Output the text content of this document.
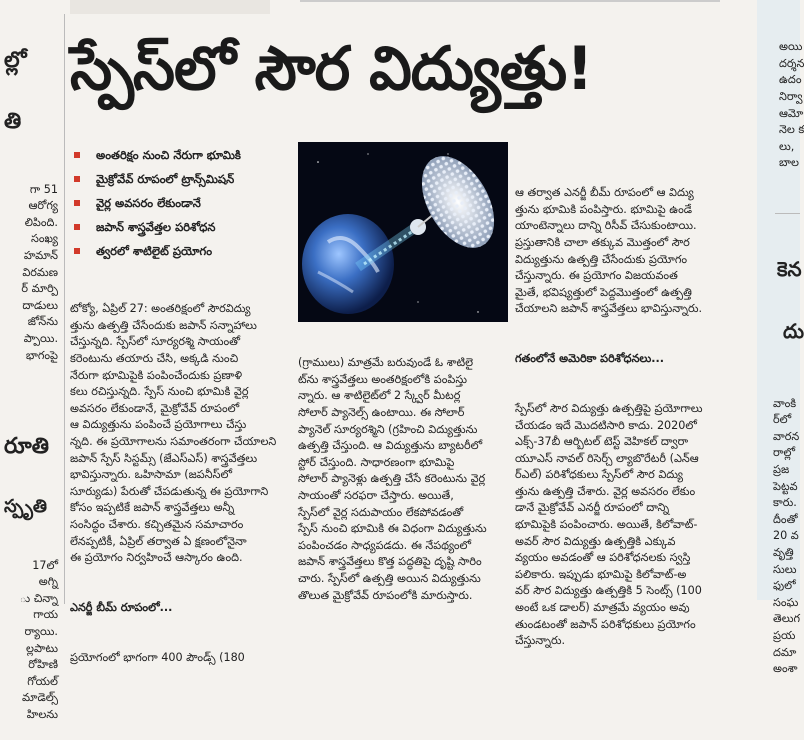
ల్లో

తి

గా 51
ఆరోగ్య
లిపింది.
సంఖ్య
హమాన్
విరమణ
ర్ మార్పి
దాడులు
జోన్‌ను
ప్పాయి.
భాగంపై

రూతి

స్పృతి

17లో
అగ్ని
ు చిన్నా
గాయ
ర్యాయి.
ల్లపాటు
రోహిణి
గోయల్
మాడెల్స్
హిలను

స్పేస్‌లో సౌర విద్యుత్తు!
అంతరిక్షం నుంచి నేరుగా భూమికి
మైక్రోవేవ్ రూపంలో ట్రాన్స్‌మిషన్
వైర్ల అవసరం లేకుండానే
జపాన్ శాస్త్రవేత్తల పరిశోధన
త్వరలో శాటిలైట్ ప్రయోగం

టోక్యో, ఏప్రిల్ 27: అంతరిక్షంలో సౌరవిద్యు
త్తును ఉత్పత్తి చేసేందుకు జపాన్ సన్నాహాలు
చేస్తున్నది. స్పేస్‌లో సూర్యరశ్మి సాయంతో
కరెంటును తయారు చేసి, అక్కడి నుంచి
నేరుగా భూమిపైకి పంపించేందుకు ప్రణాళి
కలు రచిస్తున్నది. స్పేస్ నుంచి భూమికి వైర్ల
అవసరం లేకుండానే, మైక్రోవేవ్ రూపంలో
ఆ విద్యుత్తును పంపించే ప్రయోగాలు చేస్తు
న్నది. ఈ ప్రయోగాలను సమాంతరంగా చేయాలని
జపాన్ స్పేస్ సిస్టమ్స్ (జేఎస్‌ఎస్) శాస్త్రవేత్తలు
భావిస్తున్నారు. ఒహిసామా (జపనీస్‌లో
సూర్యుడు) పేరుతో చేపడుతున్న ఈ ప్రయోగాని
కోసం ఇప్పటికే జపాన్ శాస్త్రవేత్తలు అన్నీ
సంసిద్ధం చేశారు. కచ్చితమైన సమాచారం
లేనప్పటికీ, ఏప్రిల్ తర్వాత ఏ క్షణంలోనైనా
ఈ ప్రయోగం నిర్వహించే ఆస్కారం ఉంది.

ఎనర్జీ బీమ్ రూపంలో...

ప్రయోగంలో భాగంగా 400 పౌండ్స్ (180

(గ్రాములు) మాత్రమే బరువుండే ఓ శాటిలై
ట్‌ను శాస్త్రవేత్తలు అంతరిక్షంలోకి పంపిస్తు
న్నారు. ఆ శాటిలైట్‌లో 2 స్క్వేర్ మీటర్ల
సోలార్ ప్యానెల్స్ ఉంటాయి. ఈ సోలార్
ప్యానెల్ సూర్యరశ్మిని (గ్రహించి విద్యుత్తును
ఉత్పత్తి చేస్తుంది. ఆ విద్యుత్తును బ్యాటరీలో
స్టోర్ చేస్తుంది. సాధారణంగా భూమిపై
సోలార్ ప్యానెళ్లు ఉత్పత్తి చేసే కరెంటును వైర్ల
సాయంతో సరఫరా చేస్తారు. అయితే,
స్పేస్‌లో వైర్ల సదుపాయం లేకపోవడంతో
స్పేస్ నుంచి భూమికి ఈ విధంగా విద్యుత్తును
పంపించడం సాధ్యపడదు. ఈ నేపథ్యంలో
జపాన్ శాస్త్రవేత్తలు కొత్త పద్ధతిపై దృష్టి సారిం
చారు. స్పేస్‌లో ఉత్పత్తి అయిన విద్యుత్తును
తొలుత మైక్రోవేవ్ రూపంలోకి మారుస్తారు.

ఆ తర్వాత ఎనర్జీ బీమ్ రూపంలో ఆ విద్యు
త్తును భూమికి పంపిస్తారు. భూమిపై ఉండే
యాంటెన్నాలు దాన్ని రిసీవ్ చేసుకుంటాయి.
ప్రస్తుతానికి చాలా తక్కువ మొత్తంలో సౌర
విద్యుత్తును ఉత్పత్తి చేసేందుకు ప్రయోగం
చేస్తున్నారు. ఈ ప్రయోగం విజయవంత
మైతే, భవిష్యత్తులో పెద్దమొత్తంలో ఉత్పత్తి
చేయాలని జపాన్ శాస్త్రవేత్తలు భావిస్తున్నారు.

గతంలోనే అమెరికా పరిశోధనలు...

స్పేస్‌లో సౌర విద్యుత్తు ఉత్పత్తిపై ప్రయోగాలు
చేయడం ఇదే మొదటిసారి కాదు. 2020లో
ఎక్స్-37బీ ఆర్బిటల్ టెస్ట్ వెహికల్ ద్వారా
యూఎస్ నావల్ రిసెర్చ్ ల్యాబొరేటరీ (ఎన్‌ఆ
ర్‌ఎల్) పరిశోధకులు స్పేస్‌లో సౌర విద్యు
త్తును ఉత్పత్తి చేశారు. వైర్ల అవసరం లేకుం
డానే మైక్రోవేవ్ ఎనర్జీ రూపంలో దాన్ని
భూమిపైకి పంపించారు. అయితే, కిలోవాట్-
అవర్ సౌర విద్యుత్తు ఉత్పత్తికి ఎక్కువ
వ్యయం అవడంతో ఆ పరిశోధనలకు స్వస్తి
పలికారు. ఇప్పుడు భూమిపై కిలోవాట్-అ
వర్ సౌర విద్యుత్తు ఉత్పత్తికి 5 సెంట్స్ (100
అంటే ఒక డాలర్) మాత్రమే వ్యయం అవు
తుండటంతో జపాన్ పరిశోధకులు ప్రయోగం
చేస్తున్నారు.

అయి
దర్శన
ఉదం
నిర్వా
ఆమో
నెల క
లు,
బాల

కెన

దు

వాంకి
ర్‌లో
వారన
రాల్లో
ప్రజ
పెట్టవ
కారు.
దీంతో
20 వ
వృత్తి
సులు
ఫులో
సంఘ
తెలుగ
ప్రయ
దమా
అంశా
